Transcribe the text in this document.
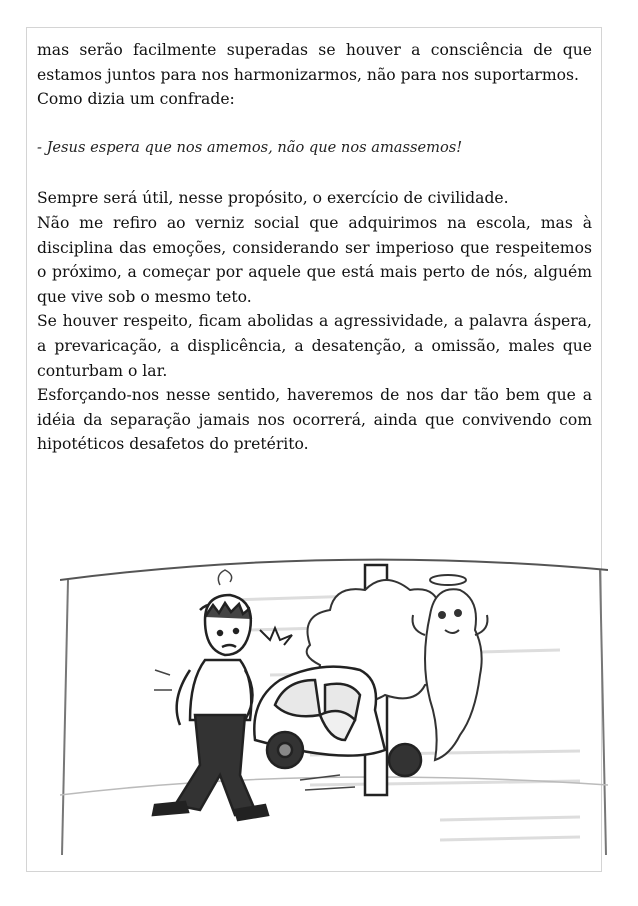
mas serão facilmente superadas se houver a consciência de que estamos juntos para nos harmonizarmos, não para nos suportarmos.

Como dizia um confrade:

- Jesus espera que nos amemos, não que nos amassemos!

Sempre será útil, nesse propósito, o exercício de civilidade.

Não me refiro ao verniz social que adquirimos na escola, mas à disciplina das emoções, considerando ser imperioso que respeitemos o próximo, a começar por aquele que está mais perto de nós, alguém que vive sob o mesmo teto.

Se houver respeito, ficam abolidas a agressividade, a palavra áspera, a prevaricação, a displicência, a desatenção, a omissão, males que conturbam o lar.

Esforçando-nos nesse sentido, haveremos de nos dar tão bem que a idéia da separação jamais nos ocorrerá, ainda que convivendo com hipotéticos desafetos do pretérito.
